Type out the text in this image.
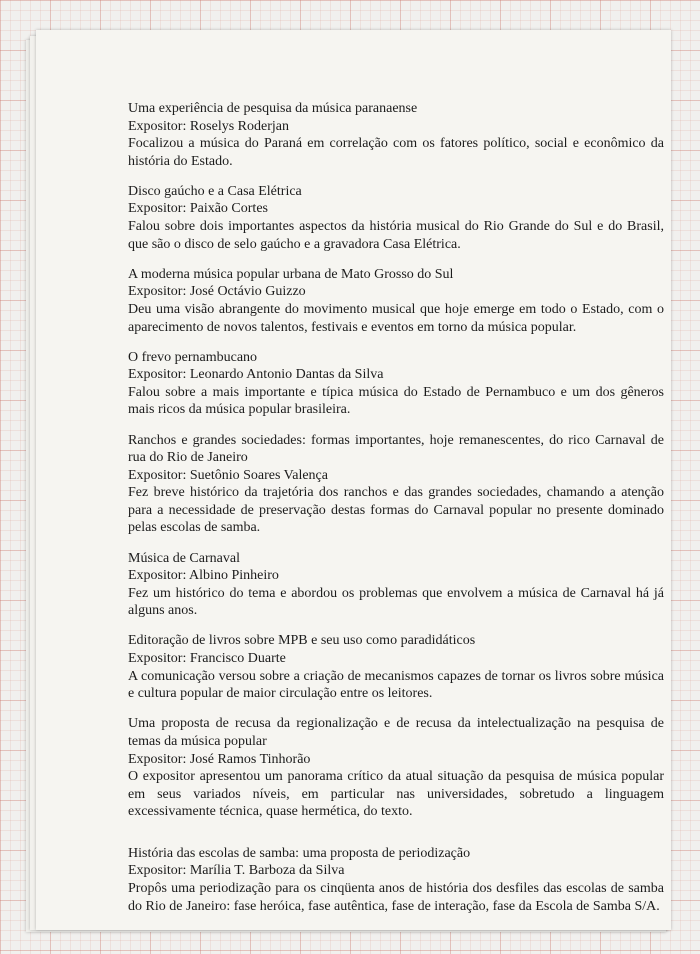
Uma experiência de pesquisa da música paranaense

Expositor: Roselys Roderjan

Focalizou a música do Paraná em correlação com os fatores político, social e econômico da história do Estado.

Disco gaúcho e a Casa Elétrica

Expositor: Paixão Cortes

Falou sobre dois importantes aspectos da história musical do Rio Grande do Sul e do Brasil, que são o disco de selo gaúcho e a gravadora Casa Elétrica.

A moderna música popular urbana de Mato Grosso do Sul

Expositor: José Octávio Guizzo

Deu uma visão abrangente do movimento musical que hoje emerge em todo o Estado, com o aparecimento de novos talentos, festivais e eventos em torno da música popular.

O frevo pernambucano

Expositor: Leonardo Antonio Dantas da Silva

Falou sobre a mais importante e típica música do Estado de Pernambuco e um dos gêneros mais ricos da música popular brasileira.

Ranchos e grandes sociedades: formas importantes, hoje remanescentes, do rico Carnaval de rua do Rio de Janeiro

Expositor: Suetônio Soares Valença

Fez breve histórico da trajetória dos ranchos e das grandes sociedades, chamando a atenção para a necessidade de preservação destas formas do Carnaval popular no presente dominado pelas escolas de samba.

Música de Carnaval

Expositor: Albino Pinheiro

Fez um histórico do tema e abordou os problemas que envolvem a música de Carnaval há já alguns anos.

Editoração de livros sobre MPB e seu uso como paradidáticos

Expositor: Francisco Duarte

A comunicação versou sobre a criação de mecanismos capazes de tornar os livros sobre música e cultura popular de maior circulação entre os leitores.

Uma proposta de recusa da regionalização e de recusa da intelectualização na pesquisa de temas da música popular

Expositor: José Ramos Tinhorão

O expositor apresentou um panorama crítico da atual situação da pesquisa de música popular em seus variados níveis, em particular nas universidades, sobretudo a linguagem excessivamente técnica, quase hermética, do texto.

História das escolas de samba: uma proposta de periodização

Expositor: Marília T. Barboza da Silva

Propôs uma periodização para os cinqüenta anos de história dos desfiles das escolas de samba do Rio de Janeiro: fase heróica, fase autêntica, fase de interação, fase da Escola de Samba S/A.
